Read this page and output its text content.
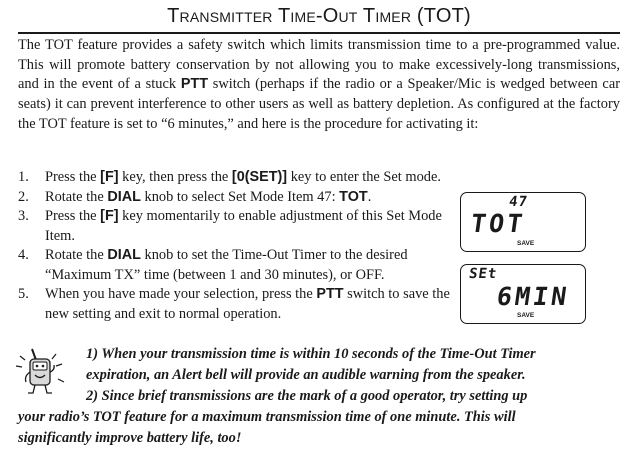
Transmitter Time-Out Timer (TOT)
The TOT feature provides a safety switch which limits transmission time to a pre-programmed value. This will promote battery conservation by not allowing you to make excessively-long transmissions, and in the event of a stuck PTT switch (perhaps if the radio or a Speaker/Mic is wedged between car seats) it can prevent interference to other users as well as battery depletion. As configured at the factory the TOT feature is set to “6 minutes,” and here is the procedure for activating it:
1.	Press the [F] key, then press the [0(SET)] key to enter the Set mode.
2.	Rotate the DIAL knob to select Set Mode Item 47: TOT.
3.	Press the [F] key momentarily to enable adjustment of this Set Mode Item.
4.	Rotate the DIAL knob to set the Time-Out Timer to the desired “Maximum TX” time (between 1 and 30 minutes), or OFF.
5.	When you have made your selection, press the PTT switch to save the new setting and exit to normal operation.
47
TOT
SAVE
SEt
6MIN
SAVE
1) When your transmission time is within 10 seconds of the Time-Out Timer
expiration, an Alert bell will provide an audible warning from the speaker.
2) Since brief transmissions are the mark of a good operator, try setting up
your radio’s TOT feature for a maximum transmission time of one minute. This will
significantly improve battery life, too!
